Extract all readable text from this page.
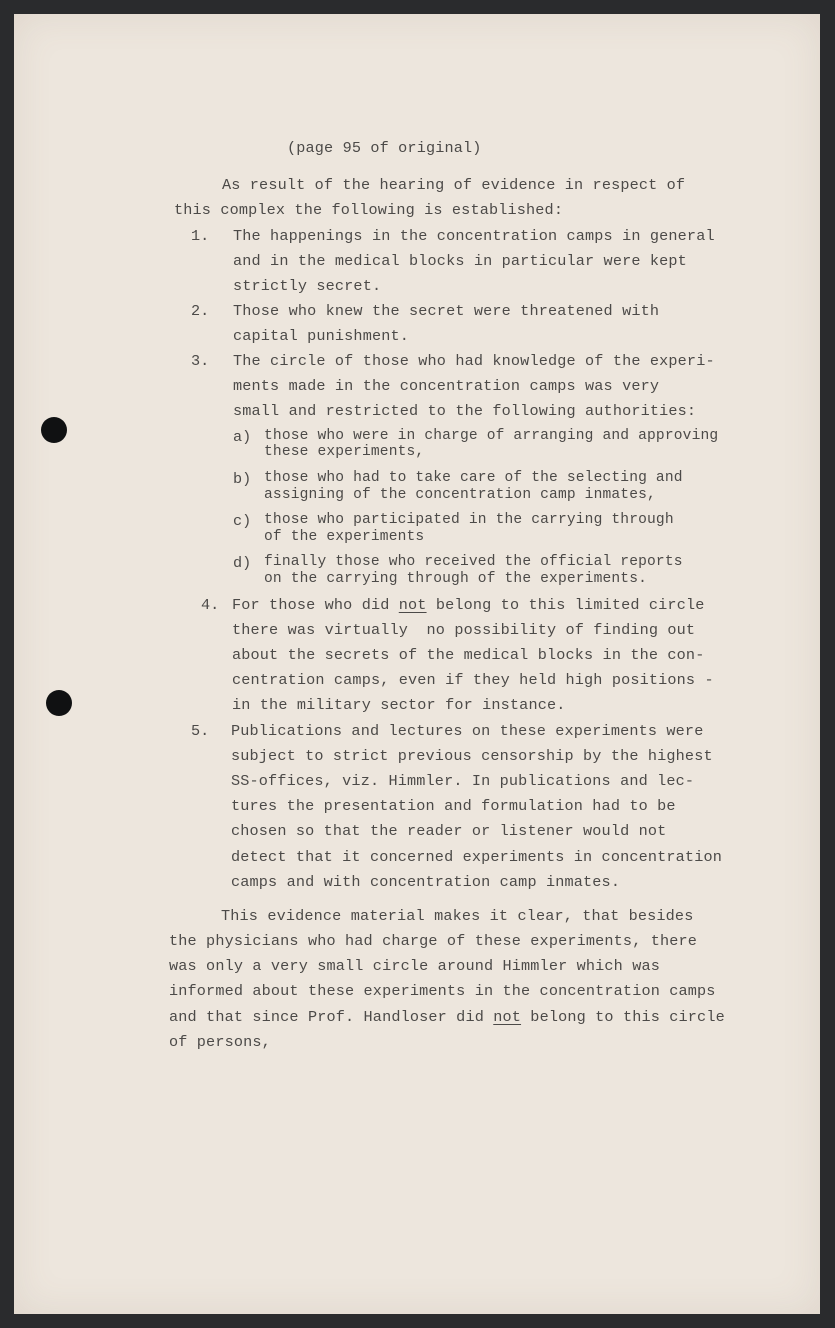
(page 95 of original)
As result of the hearing of evidence in respect of
this complex the following is established:
1. The happenings in the concentration camps in general
and in the medical blocks in particular were kept
strictly secret.
2. Those who knew the secret were threatened with
capital punishment.
3. The circle of those who had knowledge of the experi-
ments made in the concentration camps was very
small and restricted to the following authorities:
a) those who were in charge of arranging and approving
these experiments,
b) those who had to take care of the selecting and
assigning of the concentration camp inmates,
c) those who participated in the carrying through
of the experiments
d) finally those who received the official reports
on the carrying through of the experiments.
4. For those who did not belong to this limited circle
there was virtually  no possibility of finding out
about the secrets of the medical blocks in the con-
centration camps, even if they held high positions -
in the military sector for instance.
5. Publications and lectures on these experiments were
subject to strict previous censorship by the highest
SS-offices, viz. Himmler. In publications and lec-
tures the presentation and formulation had to be
chosen so that the reader or listener would not
detect that it concerned experiments in concentration
camps and with concentration camp inmates.
This evidence material makes it clear, that besides
the physicians who had charge of these experiments, there
was only a very small circle around Himmler which was
informed about these experiments in the concentration camps
and that since Prof. Handloser did not belong to this circle
of persons,
